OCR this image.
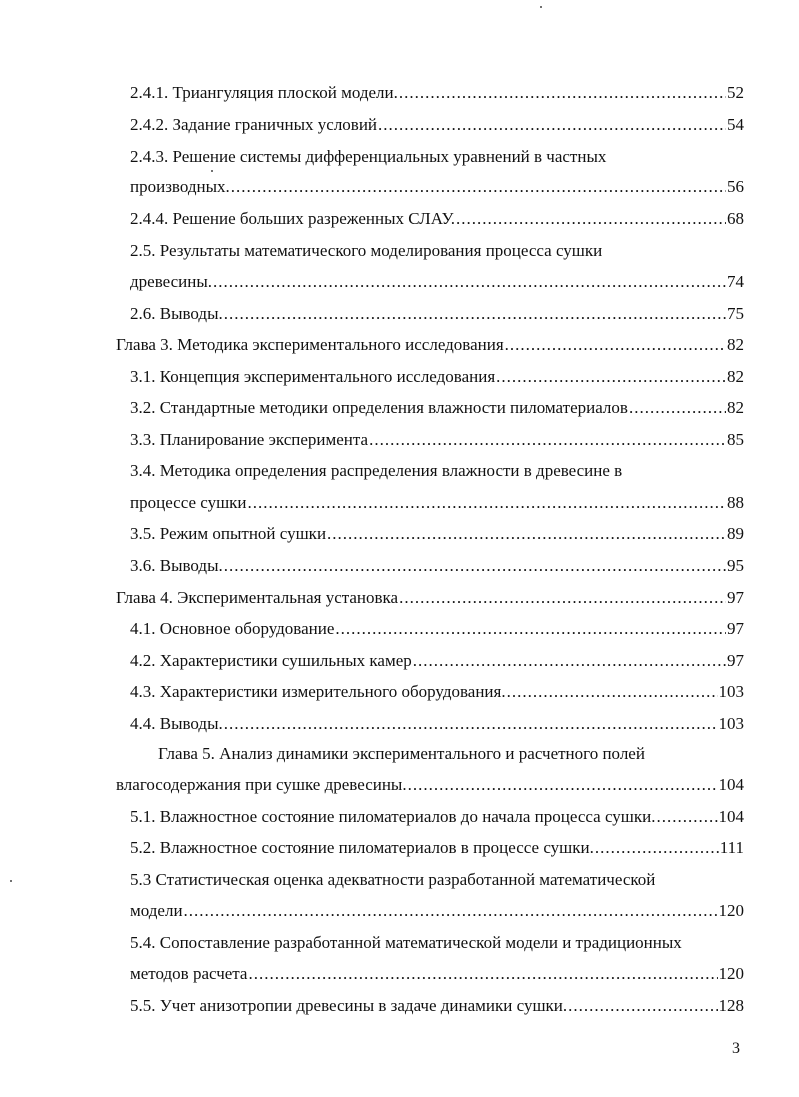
2.4.1. Триангуляция плоской модели. .....	52
2.4.2. Задание граничных условий .....	54
2.4.3. Решение системы дифференциальных уравнений в частных
производных. .....	56
2.4.4. Решение больших разреженных СЛАУ. .....	68
2.5. Результаты математического моделирования процесса сушки
древесины. .....	74
2.6. Выводы. .....	75
Глава 3. Методика экспериментального исследования .....	82
3.1. Концепция экспериментального исследования .....	82
3.2. Стандартные методики определения влажности пиломатериалов .....	82
3.3. Планирование эксперимента .....	85
3.4. Методика определения распределения влажности в древесине в
процессе сушки .....	88
3.5. Режим опытной сушки .....	89
3.6. Выводы. .....	95
Глава 4. Экспериментальная установка .....	97
4.1. Основное оборудование .....	97
4.2. Характеристики сушильных камер .....	97
4.3. Характеристики измерительного оборудования. .....	103
4.4. Выводы. .....	103
Глава 5. Анализ динамики экспериментального и расчетного полей
влагосодержания при сушке древесины. .....	104
5.1. Влажностное состояние пиломатериалов до начала процесса сушки. .....	104
5.2. Влажностное состояние пиломатериалов в процессе сушки. .....	111
5.3 Статистическая оценка адекватности разработанной математической
модели .....	120
5.4. Сопоставление разработанной математической модели и традиционных
методов расчета .....	120
5.5. Учет анизотропии древесины в задаче динамики сушки. .....	128
3
